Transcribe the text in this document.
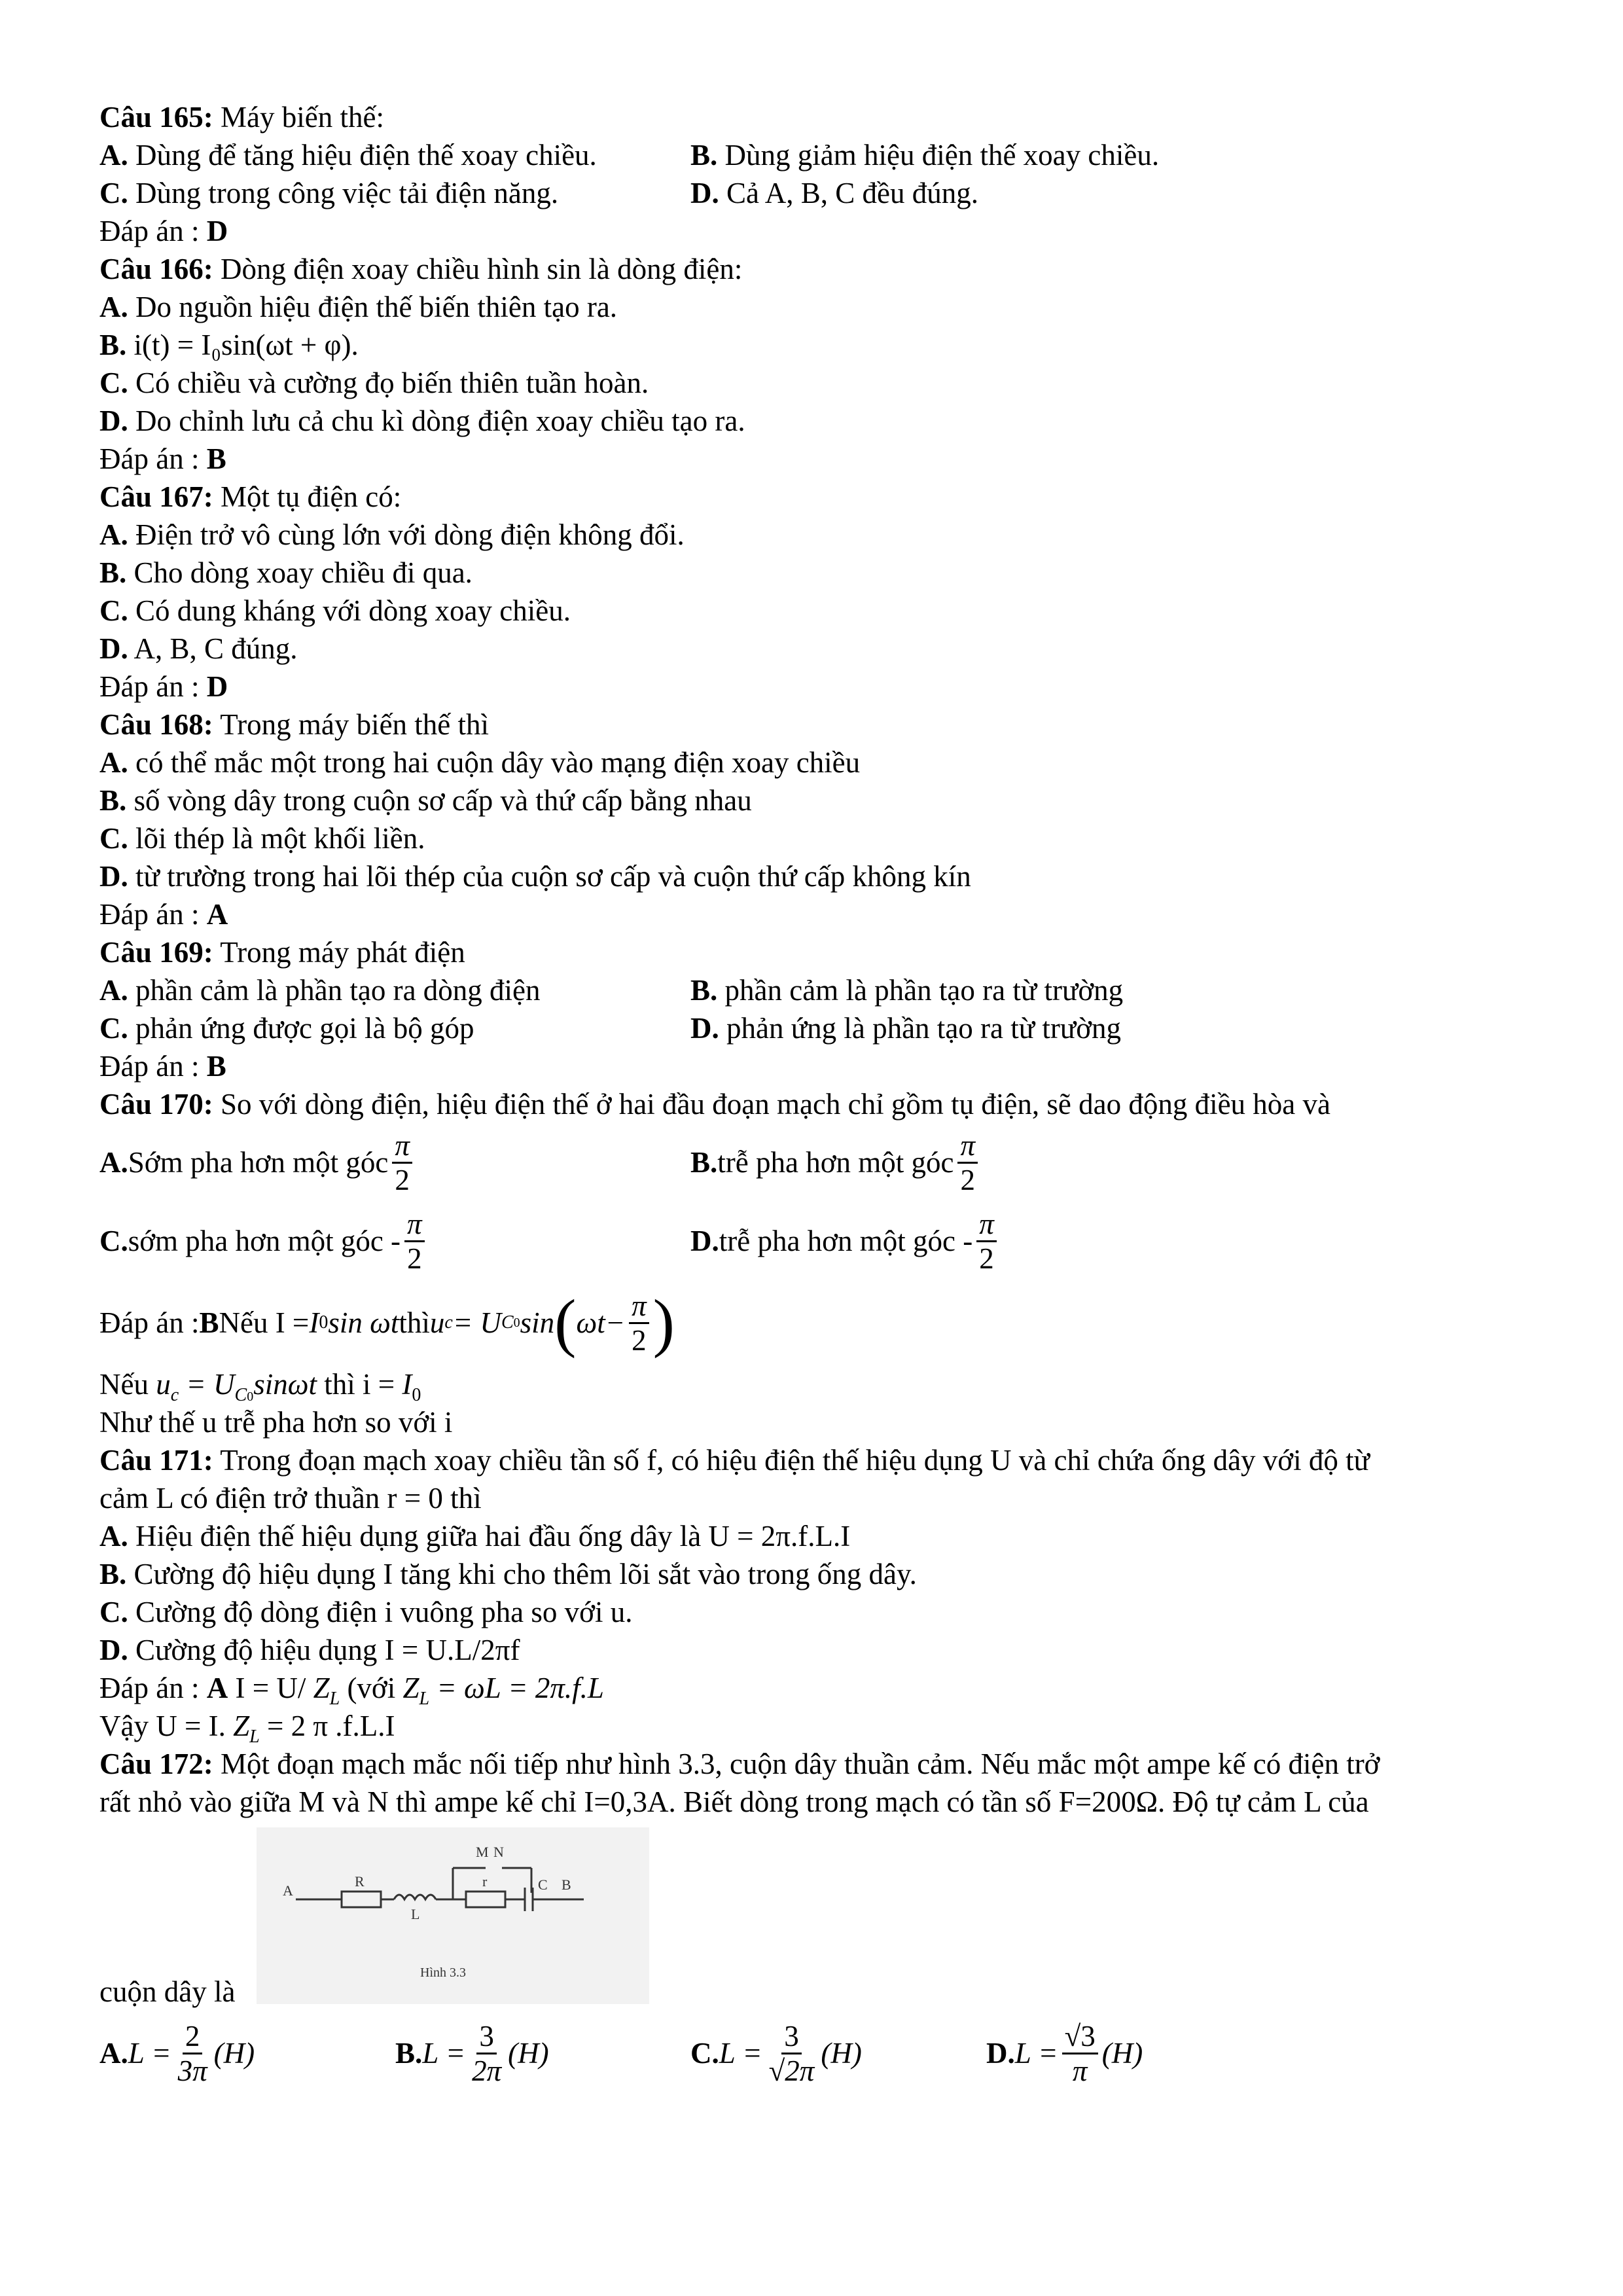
Câu 165: Máy biến thế:
A. Dùng để tăng hiệu điện thế xoay chiều.	B. Dùng giảm hiệu điện thế xoay chiều.
C. Dùng trong công việc tải điện năng.	D. Cả A, B, C đều đúng.
Đáp án : D
Câu 166: Dòng điện xoay chiều hình sin là dòng điện:
A. Do nguồn hiệu điện thế biến thiên tạo ra.
B. i(t) = I₀sin(ωt + φ).
C. Có chiều và cường đọ biến thiên tuần hoàn.
D. Do chỉnh lưu cả chu kì dòng điện xoay chiều tạo ra.
Đáp án : B
Câu 167: Một tụ điện có:
A. Điện trở vô cùng lớn với dòng điện không đổi.
B. Cho dòng xoay chiều đi qua.
C. Có dung kháng với dòng xoay chiều.
D. A, B, C đúng.
Đáp án : D
Câu 168: Trong máy biến thế thì
A. có thể mắc một trong hai cuộn dây vào mạng điện xoay chiều
B. số vòng dây trong cuộn sơ cấp và thứ cấp bằng nhau
C. lõi thép là một khối liền.
D. từ trường trong hai lõi thép của cuộn sơ cấp và cuộn thứ cấp không kín
Đáp án : A
Câu 169: Trong máy phát điện
A. phần cảm là phần tạo ra dòng điện	B. phần cảm là phần tạo ra từ trường
C. phản ứng được gọi là bộ góp	D. phản ứng là phần tạo ra từ trường
Đáp án : B
Câu 170: So với dòng điện, hiệu điện thế ở hai đầu đoạn mạch chỉ gồm tụ điện, sẽ dao động điều hòa và
A. Sớm pha hơn một góc $\frac{\pi}{2}$	B. trễ pha hơn một góc $\frac{\pi}{2}$
C. sớm pha hơn một góc - $\frac{\pi}{2}$	D. trễ pha hơn một góc - $\frac{\pi}{2}$
Đáp án : B Nếu I = I 0 sin ωt thì u c = U C 0 sin ( $\omega t- \frac{\pi}{2}$ )
Nếu $u_c = U_{C0}\sin\omega t$ thì $i = I_0$
Như thế u trễ pha hơn so với i
Câu 171: Trong đoạn mạch xoay chiều tần số f, có hiệu điện thế hiệu dụng U và chỉ chứa ống dây với độ từ
cảm L có điện trở thuần r = 0 thì
A. Hiệu điện thế hiệu dụng giữa hai đầu ống dây là U = 2π.f.L.I
B. Cường độ hiệu dụng I tăng khi cho thêm lõi sắt vào trong ống dây.
C. Cường độ dòng điện i vuông pha so với u.
D. Cường độ hiệu dụng I = U.L/2πf
Đáp án : A I = U/ $Z_L$ (với $Z_L = \omega L = 2\pi.f.L$
Vậy U = I. $Z_L = 2$ π .f.L.I
Câu 172: Một đoạn mạch mắc nối tiếp như hình 3.3, cuộn dây thuần cảm. Nếu mắc một ampe kế có điện trở
rất nhỏ vào giữa M và N thì ampe kế chỉ I=0,3A. Biết dòng trong mạch có tần số F=200Ω. Độ tự cảm L của
A
R
L
r	C B
M N
Hình 3.3
cuộn dây là
A. $L = \frac{2}{3\pi} (H)$	B. $L = \frac{3}{2\pi} (H)$	C. $L = \frac{3}{√2\pi} (H)$	D. $L = \frac{√3}{\pi} (H)$
